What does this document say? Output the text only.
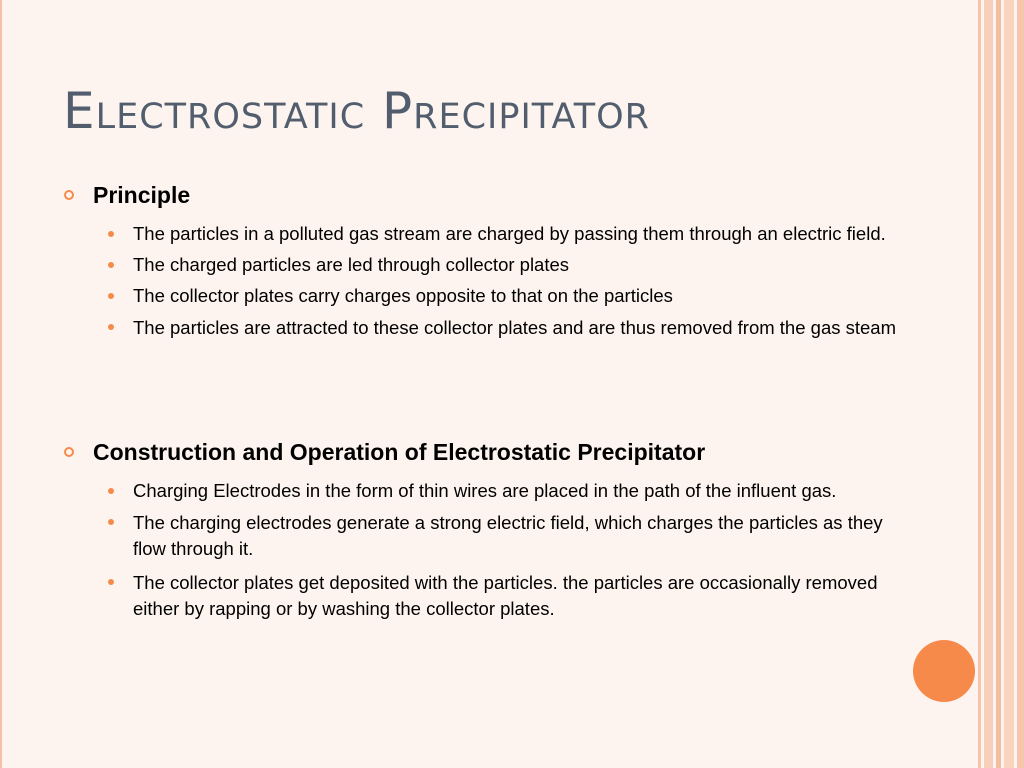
Electrostatic Precipitator
Principle
The particles in a polluted gas stream are charged by passing them through an electric field.
The charged particles are led through collector plates
The collector plates carry charges opposite to that on the particles
The particles are attracted to these collector plates and are thus removed from the gas steam
Construction and Operation of Electrostatic Precipitator
Charging Electrodes in the form of thin wires are placed in the path of the influent gas.
The charging electrodes generate a strong electric field, which charges the particles as they flow through it.
The collector plates get deposited with the particles. the particles are occasionally removed either by rapping or by washing the collector plates.
